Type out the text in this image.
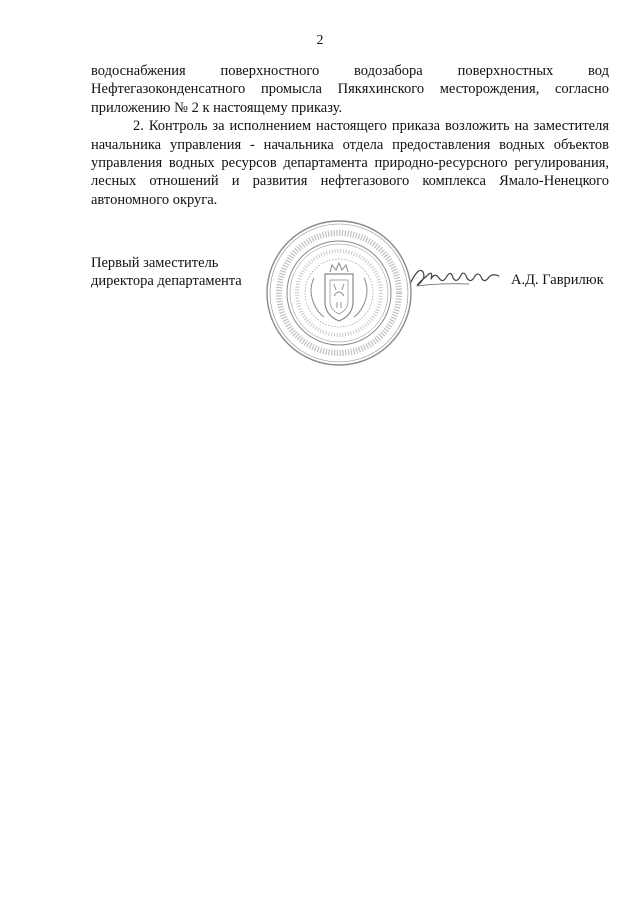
2

водоснабжения поверхностного водозабора поверхностных вод
Нефтегазоконденсатного промысла Пякяхинского месторождения, согласно
приложению № 2 к настоящему приказу.

2. Контроль за исполнением настоящего приказа возложить на заместителя начальника управления - начальника отдела предоставления водных объектов управления водных ресурсов департамента природно-ресурсного регулирования, лесных отношений и развития нефтегазового комплекса Ямало-Ненецкого автономного округа.

Первый заместитель
директора департамента	А.Д. Гаврилюк
